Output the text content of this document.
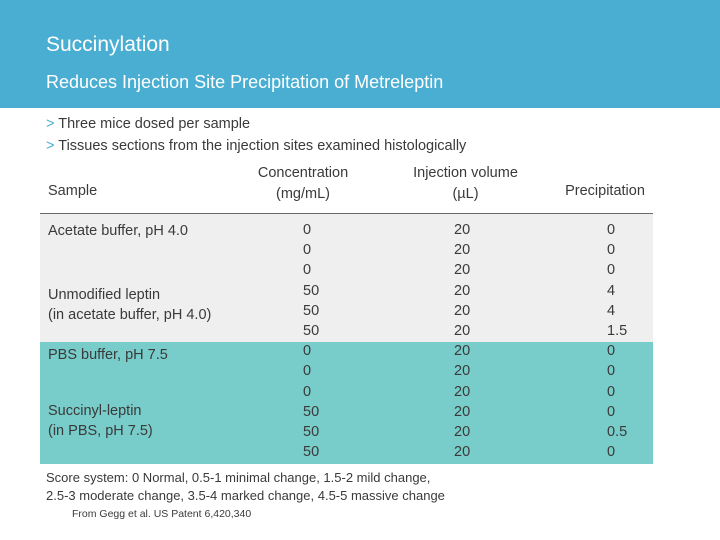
Succinylation
Reduces Injection Site Precipitation of Metreleptin
> Three mice dosed per sample
> Tissues sections from the injection sites examined histologically
Sample
Concentration
(mg/mL)
Injection volume
(µL)	Precipitation
Acetate buffer, pH 4.0
Unmodified leptin
(in acetate buffer, pH 4.0)
PBS buffer, pH 7.5
Succinyl-leptin
(in PBS, pH 7.5)
0
0
0
50
50
50
0
0
0
50
50
50
20
20
20
20
20
20
20
20
20
20
20
20
0
0
0
4
4
1.5
0
0
0
0
0.5
0
Score system: 0 Normal, 0.5-1 minimal change, 1.5-2 mild change,
2.5-3 moderate change, 3.5-4 marked change, 4.5-5 massive change
From Gegg et al. US Patent 6,420,340
